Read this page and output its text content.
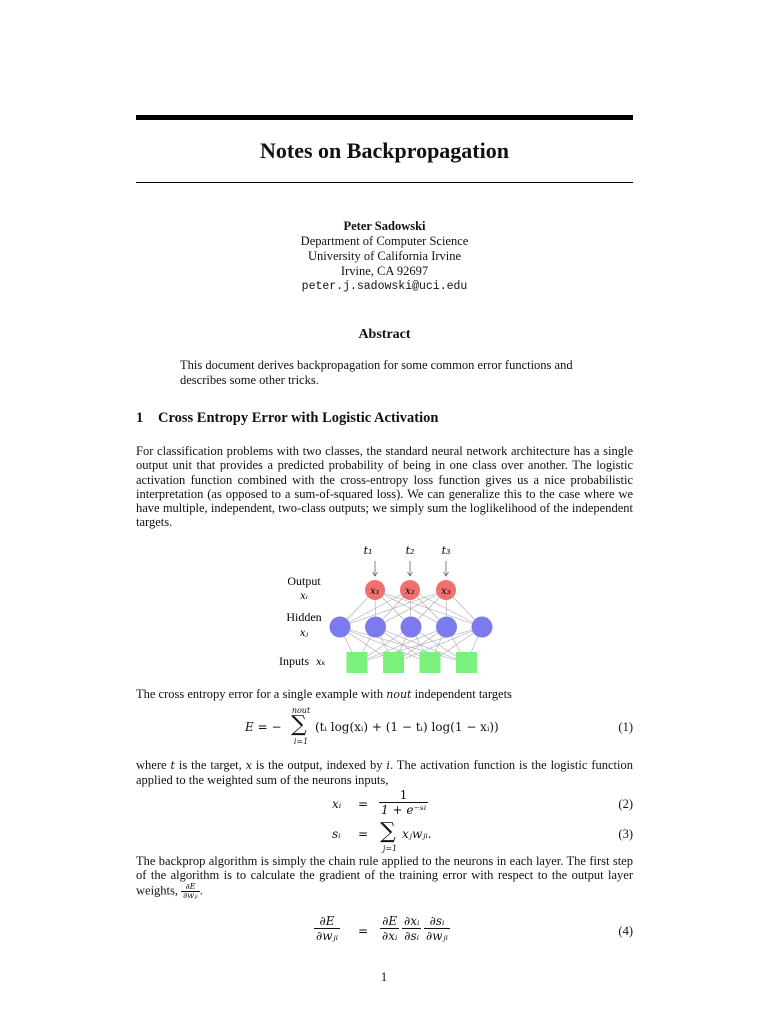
Notes on Backpropagation
Peter Sadowski
Department of Computer Science
University of California Irvine
Irvine, CA 92697
peter.j.sadowski@uci.edu
Abstract
This document derives backpropagation for some common error functions and describes some other tricks.
1 Cross Entropy Error with Logistic Activation
For classification problems with two classes, the standard neural network architecture has a single output unit that provides a predicted probability of being in one class over another. The logistic activation function combined with the cross-entropy loss function gives us a nice probabilistic interpretation (as opposed to a sum-of-squared loss). We can generalize this to the case where we have multiple, independent, two-class outputs; we simply sum the loglikelihood of the independent targets.
x₁	x₂	x₃
t₁	t₂ t₃
Output
xᵢ
Hidden
xⱼ
Inputs xₖ
The cross entropy error for a single example with nout independent targets
E = −
nout
∑
i=1
(tᵢ log(xᵢ) + (1 − tᵢ) log(1 − xᵢ))	(1)
where t is the target, x is the output, indexed by i. The activation function is the logistic function applied to the weighted sum of the neurons inputs,
xᵢ = $\frac{1}{\text{1 + e⁻ˢⁱ}}$	(2)
sᵢ = ∑
j=1
xⱼwⱼᵢ.	(3)
The backprop algorithm is simply the chain rule applied to the neurons in each layer. The first step of the algorithm is to calculate the gradient of the training error with respect to the output layer weights, $\frac{\partial E}{\text{∂wⱼᵢ}}$ .
∂E
∂wⱼᵢ = $\frac{\partial E}{\text{∂xᵢ}} \frac{\text{∂xᵢ}}{\text{∂sᵢ}}$ ∂sᵢ
∂wⱼᵢ	(4)
1
